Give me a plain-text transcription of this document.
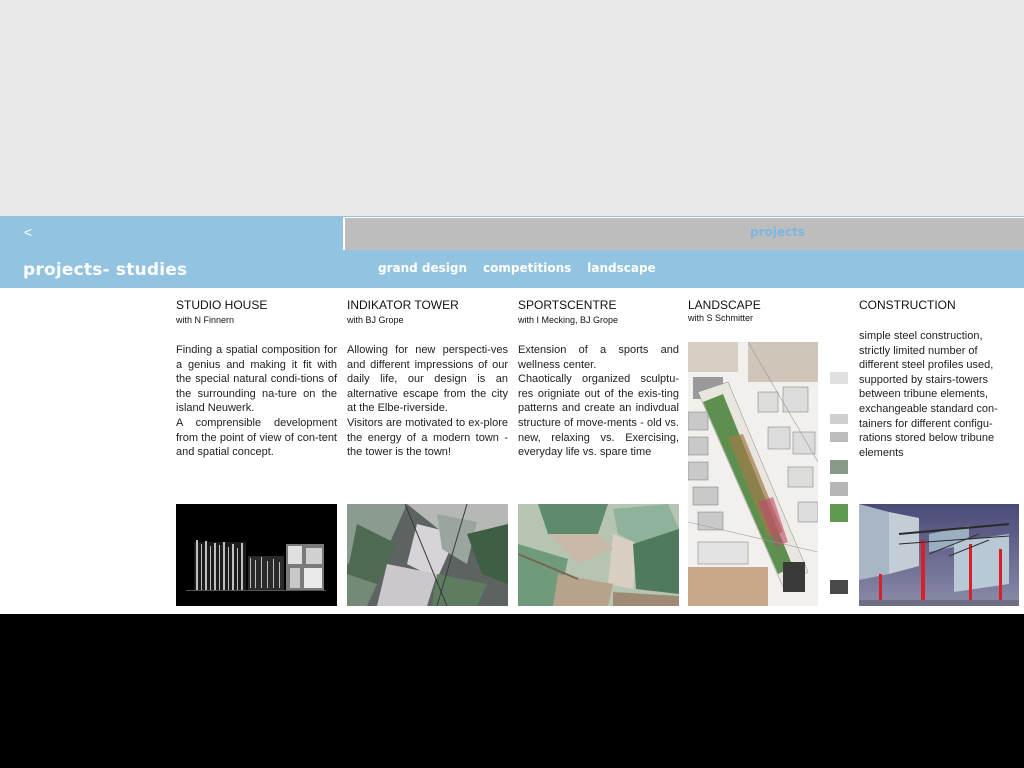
<	projects
projects- studies	grand design competitions landscape
STUDIO HOUSE
with N Finnern
Finding a spatial composition for a genius and making it fit with the special natural condi-tions of the surrounding na-ture on the island Neuwerk.
A comprensible development from the point of view of con-tent and spatial concept.
INDIKATOR TOWER
with BJ Grope
Allowing for new perspecti-ves and different impressions of our daily life, our design is an alternative escape from the city at the Elbe-riverside.
Visitors are motivated to ex-plore the energy of a modern town - the tower is the town!
SPORTSCENTRE
with I Mecking, BJ Grope
Extension of a sports and wellness center.
Chaotically organized sculptu-res origniate out of the exis-ting patterns and create an indivdual structure of move-ments - old vs. new, relaxing vs. Exercising, everyday life vs. spare time
LANDSCAPE
with S Schmitter
CONSTRUCTION
simple steel construction, strictly limited number of different steel profiles used, supported by stairs-towers between tribune elements, exchangeable standard con-tainers for different configu-rations stored below tribune elements
